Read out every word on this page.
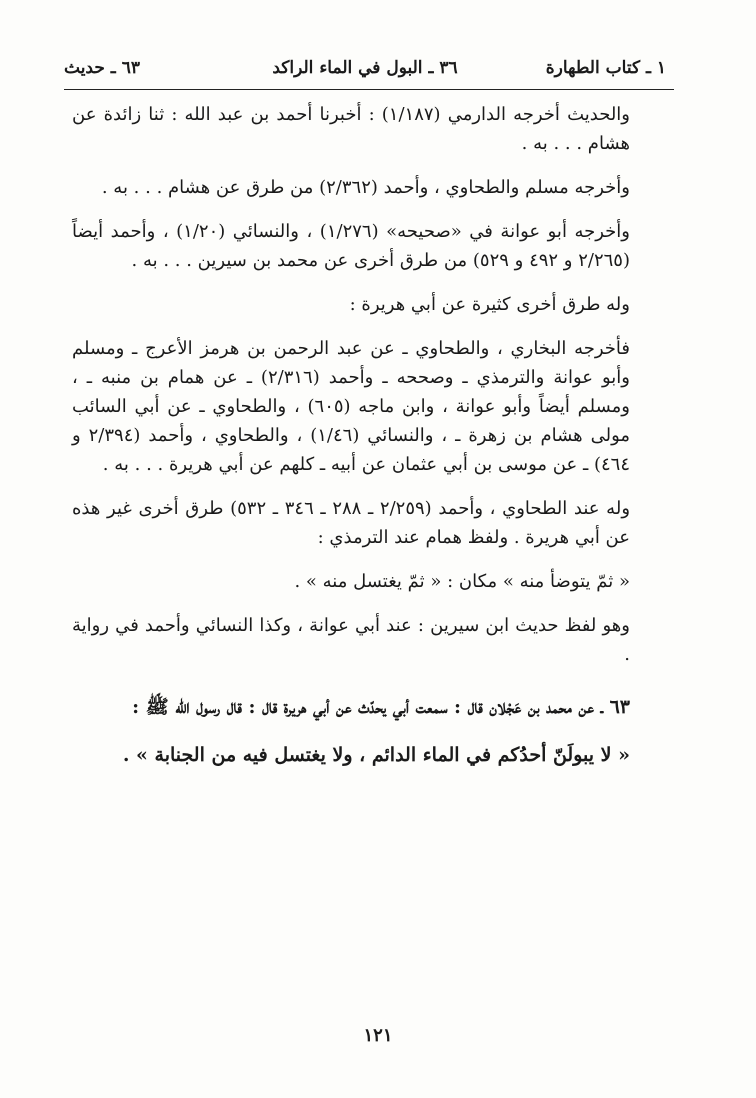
١ ـ كتاب الطهارة
٣٦ ـ البول في الماء الراكد
٦٣ ـ حديث

والحديث أخرجه الدارمي (١/١٨٧) : أخبرنا أحمد بن عبد الله : ثنا زائدة عن هشام . . . به .

وأخرجه مسلم والطحاوي ، وأحمد (٢/٣٦٢) من طرق عن هشام . . . به .

وأخرجه أبو عوانة في «صحيحه» (١/٢٧٦) ، والنسائي (١/٢٠) ، وأحمد أيضاً (٢/٢٦٥ و ٤٩٢ و ٥٢٩) من طرق أخرى عن محمد بن سيرين . . . به .

وله طرق أخرى كثيرة عن أبي هريرة :

فأخرجه البخاري ، والطحاوي ـ عن عبد الرحمن بن هرمز الأعرج ـ ومسلم وأبو عوانة والترمذي ـ وصححه ـ وأحمد (٢/٣١٦) ـ عن همام بن منبه ـ ، ومسلم أيضاً وأبو عوانة ، وابن ماجه (٦٠٥) ، والطحاوي ـ عن أبي السائب مولى هشام بن زهرة ـ ، والنسائي (١/٤٦) ، والطحاوي ، وأحمد (٢/٣٩٤ و ٤٦٤) ـ عن موسى بن أبي عثمان عن أبيه ـ كلهم عن أبي هريرة . . . به .

وله عند الطحاوي ، وأحمد (٢/٢٥٩ ـ ٢٨٨ ـ ٣٤٦ ـ ٥٣٢) طرق أخرى غير هذه عن أبي هريرة . ولفظ همام عند الترمذي :

« ثمّ يتوضأ منه » مكان : « ثمّ يغتسل منه » .

وهو لفظ حديث ابن سيرين : عند أبي عوانة ، وكذا النسائي وأحمد في رواية .

٦٣ ـ عن محمد بن عَجْلان قال : سمعت أبي يحدّث عن أبي هريرة قال : قال رسول الله ﷺ :

« لا يبولَنّ أحدُكم في الماء الدائم ، ولا يغتسل فيه من الجنابة » .

١٢١
